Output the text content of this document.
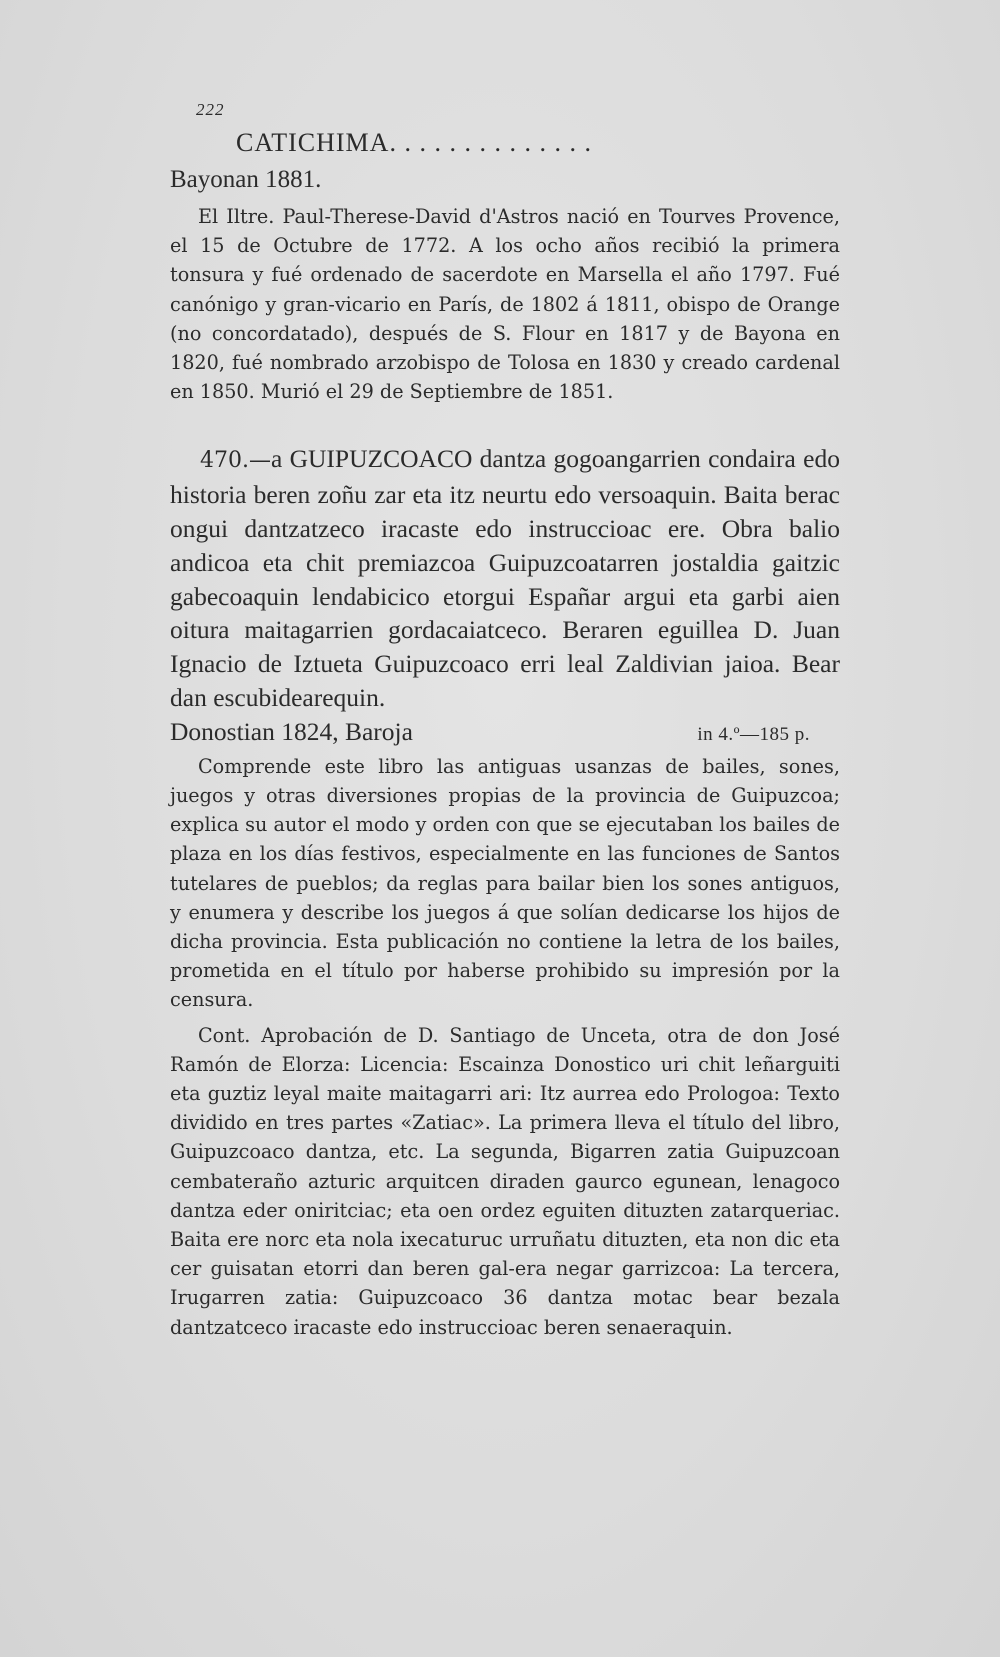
222
CATICHIMA. . . . . . . . . . . . . .
Bayonan 1881.

El Iltre. Paul-Therese-David d'Astros nació en Tourves Provence, el 15 de Octubre de 1772. A los ocho años recibió la primera tonsura y fué ordenado de sacerdote en Marsella el año 1797. Fué canónigo y gran-vicario en París, de 1802 á 1811, obispo de Orange (no concordatado), después de S. Flour en 1817 y de Bayona en 1820, fué nombrado arzobispo de Tolosa en 1830 y creado cardenal en 1850. Murió el 29 de Septiembre de 1851.

470.—a GUIPUZCOACO dantza gogoangarrien condaira edo historia beren zoñu zar eta itz neurtu edo versoaquin. Baita berac ongui dantzatzeco iracaste edo instruccioac ere. Obra balio andicoa eta chit premiazcoa Guipuzcoatarren jostaldia gaitzic gabecoaquin lendabicico etorgui Españar argui eta garbi aien oitura maitagarrien gordacaiatceco. Beraren eguillea D. Juan Ignacio de Iztueta Guipuzcoaco erri leal Zaldivian jaioa. Bear dan escubidearequin.
Donostian 1824, Baroja	in 4.º—185 p.

Comprende este libro las antiguas usanzas de bailes, sones, juegos y otras diversiones propias de la provincia de Guipuzcoa; explica su autor el modo y orden con que se ejecutaban los bailes de plaza en los días festivos, especialmente en las funciones de Santos tutelares de pueblos; da reglas para bailar bien los sones antiguos, y enumera y describe los juegos á que solían dedicarse los hijos de dicha provincia. Esta publicación no contiene la letra de los bailes, prometida en el título por haberse prohibido su impresión por la censura.

Cont. Aprobación de D. Santiago de Unceta, otra de don José Ramón de Elorza: Licencia: Escainza Donostico uri chit leñarguiti eta guztiz leyal maite maitagarri ari: Itz aurrea edo Prologoa: Texto dividido en tres partes «Zatiac». La primera lleva el título del libro, Guipuzcoaco dantza, etc. La segunda, Bigarren zatia Guipuzcoan cembateraño azturic arquitcen diraden gaurco egunean, lenagoco dantza eder oniritciac; eta oen ordez eguiten dituzten zatarqueriac. Baita ere norc eta nola ixecaturuc urruñatu dituzten, eta non dic eta cer guisatan etorri dan beren gal-era negar garrizcoa: La tercera, Irugarren zatia: Guipuzcoaco 36 dantza motac bear bezala dantzatceco iracaste edo instruccioac beren senaeraquin.
